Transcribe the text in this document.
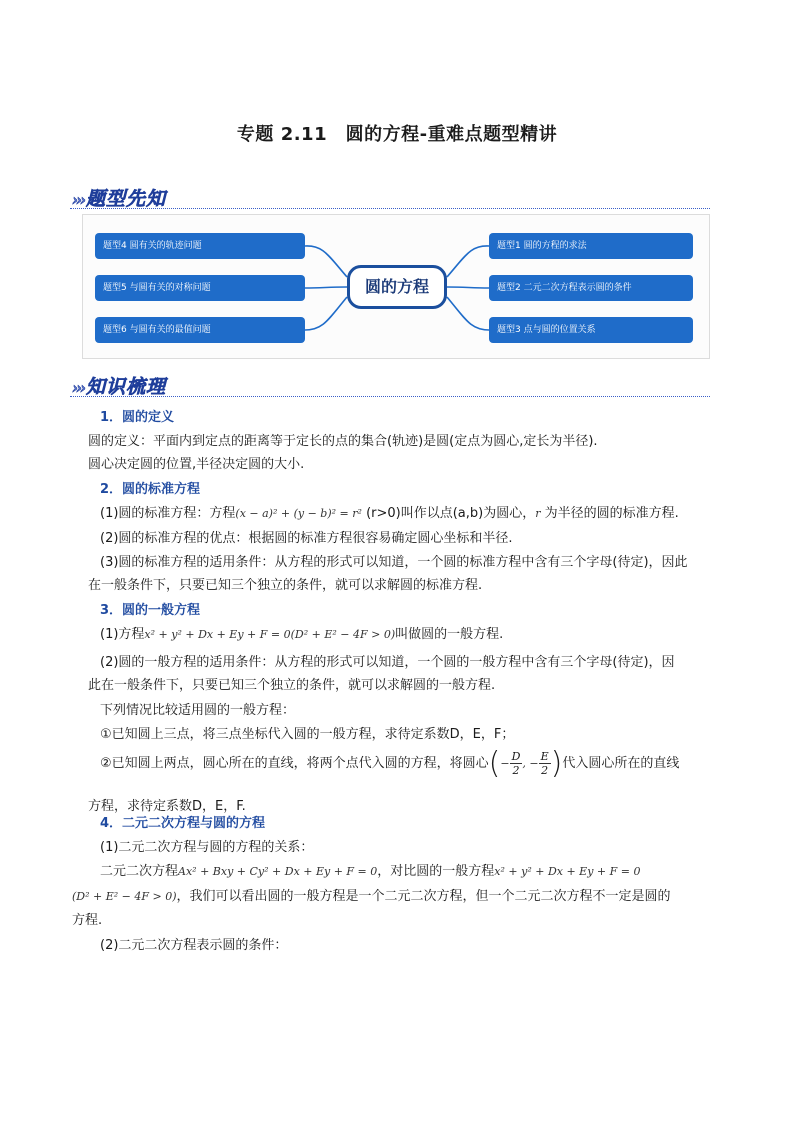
专题 2.11　圆的方程-重难点题型精讲
››› 题型先知
题型4 圆有关的轨迹问题
题型5 与圆有关的对称问题
题型6 与圆有关的最值问题
圆的方程
题型1 圆的方程的求法
题型2 二元二次方程表示圆的条件
题型3 点与圆的位置关系
››› 知识梳理
1．圆的定义
圆的定义：平面内到定点的距离等于定长的点的集合(轨迹)是圆(定点为圆心,定长为半径).
圆心决定圆的位置,半径决定圆的大小.
2．圆的标准方程
(1)圆的标准方程：方程(x − a)² + (y − b)² = r² (r>0)叫作以点(a,b)为圆心，r 为半径的圆的标准方程.
(2)圆的标准方程的优点：根据圆的标准方程很容易确定圆心坐标和半径.
(3)圆的标准方程的适用条件：从方程的形式可以知道，一个圆的标准方程中含有三个字母(待定)，因此
在一般条件下，只要已知三个独立的条件，就可以求解圆的标准方程.
3．圆的一般方程
(1)方程x² + y² + Dx + Ey + F = 0(D² + E² − 4F > 0)叫做圆的一般方程.
(2)圆的一般方程的适用条件：从方程的形式可以知道，一个圆的一般方程中含有三个字母(待定)，因
此在一般条件下，只要已知三个独立的条件，就可以求解圆的一般方程.
下列情况比较适用圆的一般方程：
①已知圆上三点，将三点坐标代入圆的一般方程，求待定系数D，E，F；
②已知圆上两点，圆心所在的直线，将两个点代入圆的方程，将圆心(− $\frac{D}{2}$ , − $\frac{E}{2}$ )代入圆心所在的直线
方程，求待定系数D，E，F.
4．二元二次方程与圆的方程
(1)二元二次方程与圆的方程的关系：
二元二次方程Ax² + Bxy + Cy² + Dx + Ey + F = 0，对比圆的一般方程x² + y² + Dx + Ey + F = 0
(D² + E² − 4F > 0)，我们可以看出圆的一般方程是一个二元二次方程，但一个二元二次方程不一定是圆的
方程.
(2)二元二次方程表示圆的条件：
